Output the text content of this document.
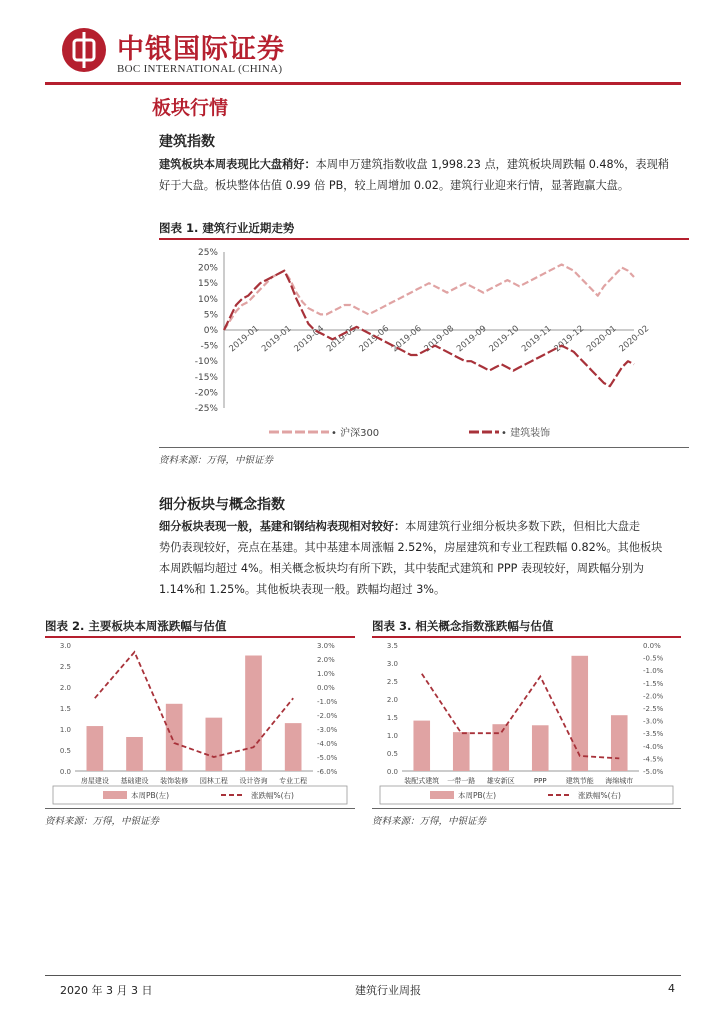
中银国际证券
BOC INTERNATIONAL (CHINA)
板块行情
建筑指数
建筑板块本周表现比大盘稍好：本周申万建筑指数收盘 1,998.23 点，建筑板块周跌幅 0.48%，表现稍
好于大盘。板块整体估值 0.99 倍 PB，较上周增加 0.02。建筑行业迎来行情，显著跑赢大盘。
图表 1. 建筑行业近期走势
25%
20%
15%
10%
5%
0%
-5%
-10%
-15%
-20%
-25%
2019-01
2019-01
2019-04
2019-05
2019-06
2019-06
2019-08
2019-09
2019-10
2019-11
2019-12
2020-01
2020-02
• 沪深300	• 建筑装饰
资料来源：万得，中银证券
细分板块与概念指数
细分板块表现一般，基建和钢结构表现相对较好：本周建筑行业细分板块多数下跌，但相比大盘走
势仍表现较好，亮点在基建。其中基建本周涨幅 2.52%，房屋建筑和专业工程跌幅 0.82%。其他板块
本周跌幅均超过 4%。相关概念板块均有所下跌，其中装配式建筑和 PPP 表现较好，周跌幅分别为
1.14%和 1.25%。其他板块表现一般。跌幅均超过 3%。
图表 2. 主要板块本周涨跌幅与估值
3.0
2.5
2.0
1.5
1.0
0.5
0.0
3.0%
2.0%
1.0%
0.0%
-1.0%
-2.0%
-3.0%
-4.0%
-5.0%
-6.0%
房屋建设 基础建设 装饰装修 园林工程 设计咨询 专业工程
本周PB(左)	涨跌幅%(右)
资料来源：万得，中银证券
图表 3. 相关概念指数涨跌幅与估值
3.5
3.0
2.5
2.0
1.5
1.0
0.5
0.0
0.0%
-0.5%
-1.0%
-1.5%
-2.0%
-2.5%
-3.0%
-3.5%
-4.0%
-4.5%
-5.0%
装配式建筑 一带一路 雄安新区	PPP	建筑节能 海绵城市
本周PB(左)	涨跌幅%(右)
资料来源：万得，中银证券
2020 年 3 月 3 日	建筑行业周报	4
